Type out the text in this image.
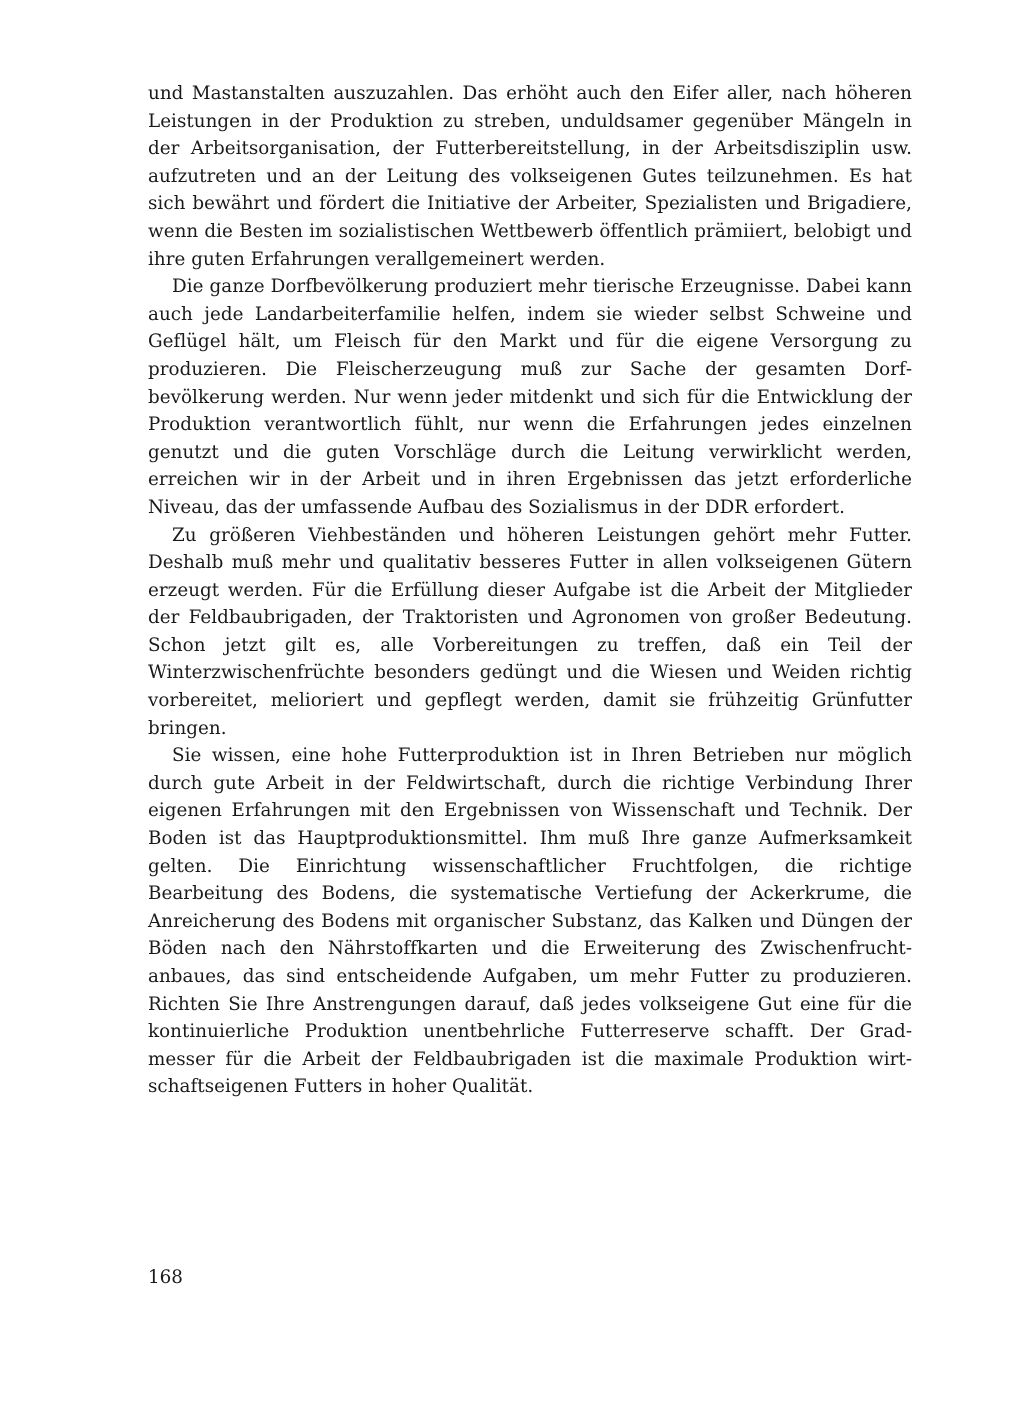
und Mastanstalten auszuzahlen. Das erhöht auch den Eifer aller, nach höheren Leistungen in der Produktion zu streben, unduldsamer gegenüber Mängeln in der Arbeitsorganisation, der Futterbereitstellung, in der Arbeitsdisziplin usw. aufzutreten und an der Leitung des volkseigenen Gutes teilzunehmen. Es hat sich bewährt und fördert die Initiative der Arbeiter, Spezialisten und Brigadiere, wenn die Besten im sozialistischen Wettbewerb öffentlich prämiiert, belobigt und ihre guten Erfahrungen verallgemeinert werden.

Die ganze Dorfbevölkerung produziert mehr tierische Erzeugnisse. Dabei kann auch jede Landarbeiterfamilie helfen, indem sie wieder selbst Schweine und Geflügel hält, um Fleisch für den Markt und für die eigene Versorgung zu produzieren. Die Fleischerzeugung muß zur Sache der gesamten Dorfbevölkerung werden. Nur wenn jeder mitdenkt und sich für die Entwicklung der Produktion verantwortlich fühlt, nur wenn die Erfahrungen jedes einzelnen genutzt und die guten Vorschläge durch die Leitung verwirklicht werden, erreichen wir in der Arbeit und in ihren Ergebnissen das jetzt erforderliche Niveau, das der umfassende Aufbau des Sozialismus in der DDR erfordert.

Zu größeren Viehbeständen und höheren Leistungen gehört mehr Futter. Deshalb muß mehr und qualitativ besseres Futter in allen volkseigenen Gütern erzeugt werden. Für die Erfüllung dieser Aufgabe ist die Arbeit der Mitglieder der Feldbaubrigaden, der Traktoristen und Agronomen von großer Bedeutung. Schon jetzt gilt es, alle Vorbereitungen zu treffen, daß ein Teil der Winterzwischenfrüchte besonders gedüngt und die Wiesen und Weiden richtig vorbereitet, melioriert und gepflegt werden, damit sie frühzeitig Grünfutter bringen.

Sie wissen, eine hohe Futterproduktion ist in Ihren Betrieben nur möglich durch gute Arbeit in der Feldwirtschaft, durch die richtige Verbindung Ihrer eigenen Erfahrungen mit den Ergebnissen von Wissenschaft und Technik. Der Boden ist das Hauptproduktionsmittel. Ihm muß Ihre ganze Aufmerksamkeit gelten. Die Einrichtung wissenschaftlicher Fruchtfolgen, die richtige Bearbeitung des Bodens, die systematische Vertiefung der Ackerkrume, die Anreicherung des Bodens mit organischer Substanz, das Kalken und Düngen der Böden nach den Nährstoffkarten und die Erweiterung des Zwischenfruchtanbaues, das sind entscheidende Aufgaben, um mehr Futter zu produzieren. Richten Sie Ihre Anstrengungen darauf, daß jedes volkseigene Gut eine für die kontinuierliche Produktion unentbehrliche Futterreserve schafft. Der Gradmesser für die Arbeit der Feldbaubrigaden ist die maximale Produktion wirtschaftseigenen Futters in hoher Qualität.

168
